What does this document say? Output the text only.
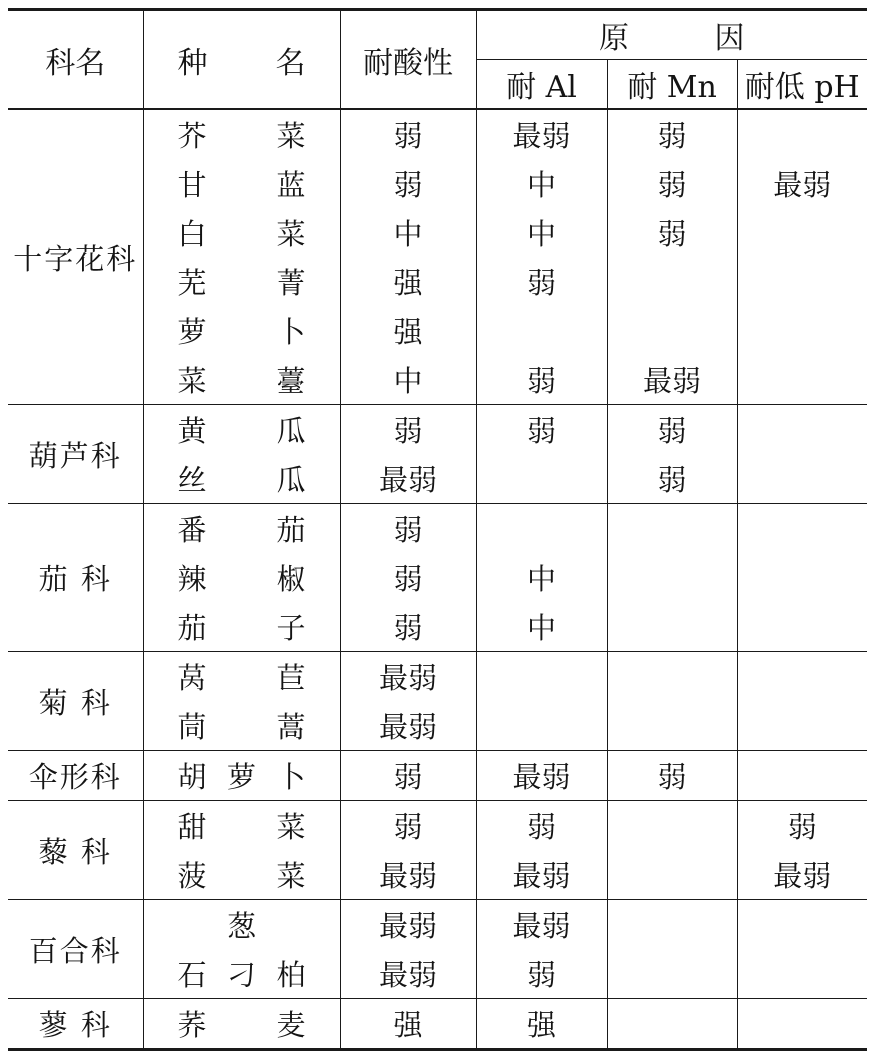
科名	种 名	耐酸性	原 因		
			耐 Al	耐 Mn	耐低 pH
十字花科	芥 菜	弱	最弱	弱	

	甘 蓝	弱	中	弱	最弱

	白 菜	中	中	弱	

	芜 菁	强	弱		

	萝 卜	强			

	菜 薹	中	弱	最弱	
葫芦科	黄 瓜	弱	弱	弱	

	丝 瓜	最弱		弱	
茄 科	番 茄	弱			

	辣 椒	弱	中		

	茄 子	弱	中		
菊 科	莴 苣	最弱			

	茼 蒿	最弱			
伞形科	胡 萝 卜	弱	最弱	弱	
藜 科	甜 菜	弱	弱		弱

	菠 菜	最弱	最弱		最弱
百合科	葱	最弱	最弱		

	石 刁 柏	最弱	弱		
蓼 科	荞 麦	强	强		
